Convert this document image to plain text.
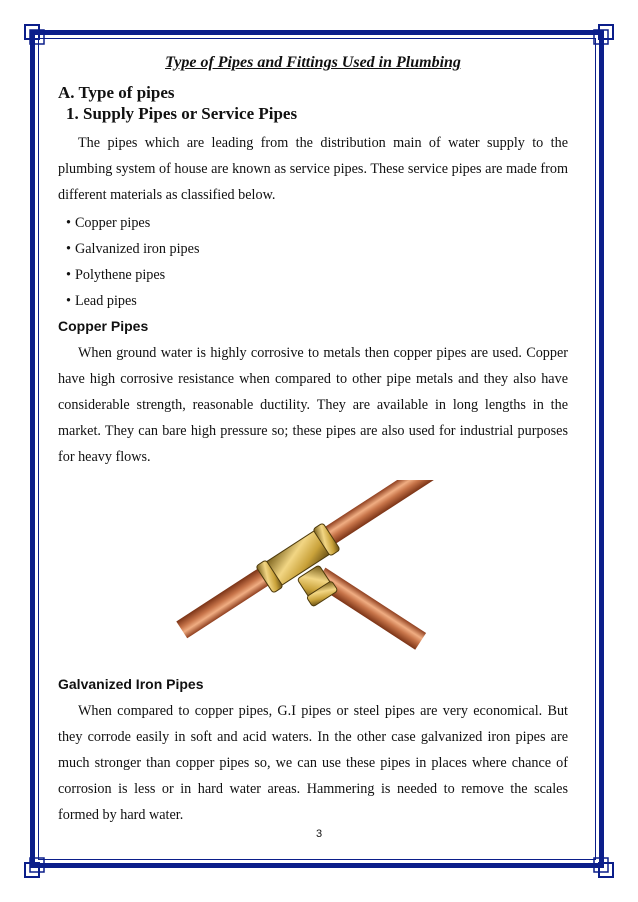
Type of Pipes and Fittings Used in Plumbing

A. Type of pipes

1. Supply Pipes or Service Pipes

The pipes which are leading from the distribution main of water supply to the plumbing system of house are known as service pipes. These service pipes are made from different materials as classified below.

• Copper pipes
• Galvanized iron pipes
• Polythene pipes
• Lead pipes

Copper Pipes

When ground water is highly corrosive to metals then copper pipes are used. Copper have high corrosive resistance when compared to other pipe metals and they also have considerable strength, reasonable ductility. They are available in long lengths in the market. They can bare high pressure so; these pipes are also used for industrial purposes for heavy flows.

Galvanized Iron Pipes

When compared to copper pipes, G.I pipes or steel pipes are very economical. But they corrode easily in soft and acid waters. In the other case galvanized iron pipes are much stronger than copper pipes so, we can use these pipes in places where chance of corrosion is less or in hard water areas. Hammering is needed to remove the scales formed by hard water.

3
